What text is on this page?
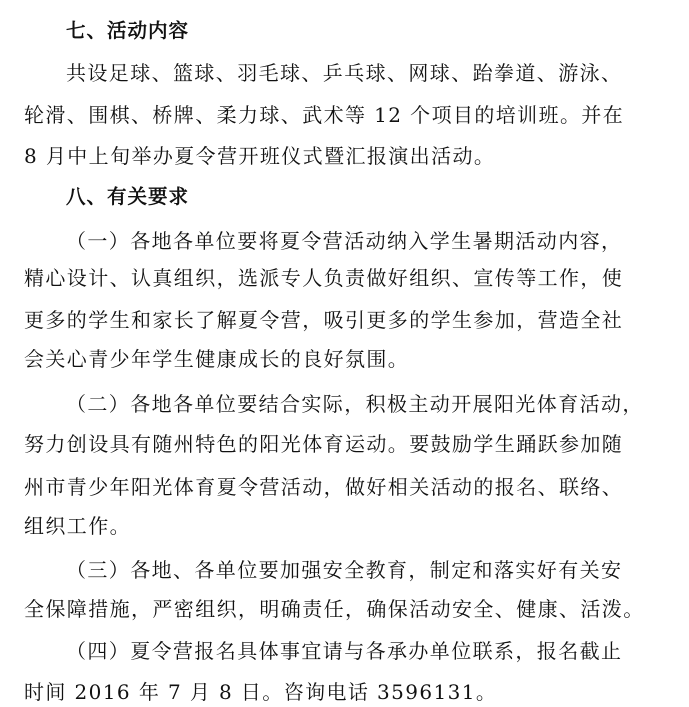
七、活动内容
共设足球、篮球、羽毛球、乒乓球、网球、跆拳道、游泳、
轮滑、围棋、桥牌、柔力球、武术等 12 个项目的培训班。并在
8 月中上旬举办夏令营开班仪式暨汇报演出活动。
八、有关要求
（一）各地各单位要将夏令营活动纳入学生暑期活动内容，
精心设计、认真组织，选派专人负责做好组织、宣传等工作，使
更多的学生和家长了解夏令营，吸引更多的学生参加，营造全社
会关心青少年学生健康成长的良好氛围。
（二）各地各单位要结合实际，积极主动开展阳光体育活动，
努力创设具有随州特色的阳光体育运动。要鼓励学生踊跃参加随
州市青少年阳光体育夏令营活动，做好相关活动的报名、联络、
组织工作。
（三）各地、各单位要加强安全教育，制定和落实好有关安
全保障措施，严密组织，明确责任，确保活动安全、健康、活泼。
（四）夏令营报名具体事宜请与各承办单位联系，报名截止
时间 2016 年 7 月 8 日。咨询电话 3596131。
